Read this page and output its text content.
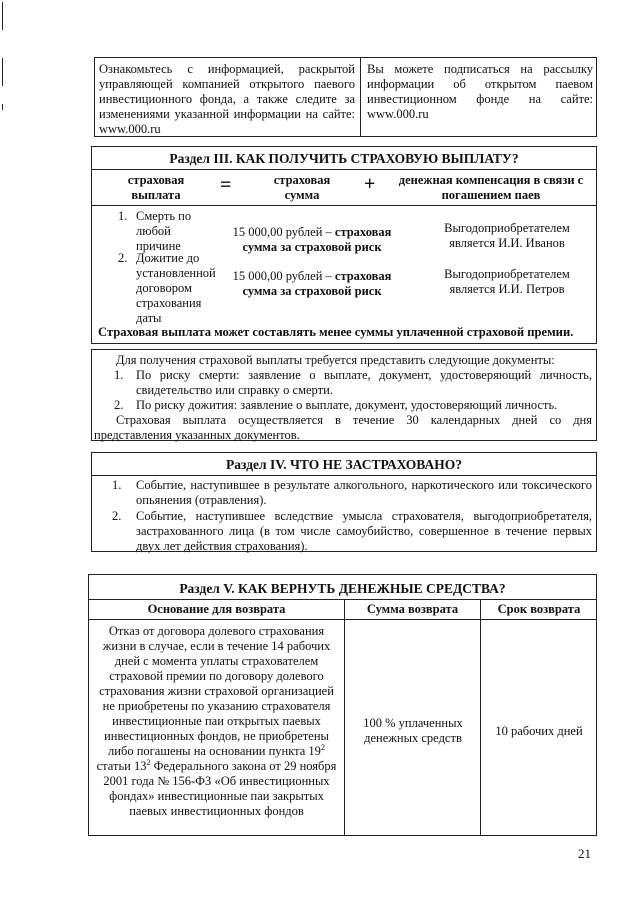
Ознакомьтесь с информацией, раскрытой управляющей компанией открытого паевого инвестиционного фонда, а также следите за изменениями указанной информации на сайте: www.000.ru
Вы можете подписаться на рассылку информации об открытом паевом инвестиционном фонде на сайте: www.000.ru
Раздел III. КАК ПОЛУЧИТЬ СТРАХОВУЮ ВЫПЛАТУ?
страховая выплата	=	страховая сумма	+	денежная компенсация в связи с погашением паев
1. Смерть по любой причине
15 000,00 рублей – страховая сумма за страховой риск
Выгодоприобретателем является И.И. Иванов
2. Дожитие до установленной договором страхования даты
15 000,00 рублей – страховая сумма за страховой риск
Выгодоприобретателем является И.И. Петров
Страховая выплата может составлять менее суммы уплаченной страховой премии.
Для получения страховой выплаты требуется представить следующие документы:
1. По риску смерти: заявление о выплате, документ, удостоверяющий личность, свидетельство или справку о смерти.
2. По риску дожития: заявление о выплате, документ, удостоверяющий личность.
Страховая выплата осуществляется в течение 30 календарных дней со дня представления указанных документов.
Раздел IV. ЧТО НЕ ЗАСТРАХОВАНО?
1. Событие, наступившее в результате алкогольного, наркотического или токсического опьянения (отравления).
2. Событие, наступившее вследствие умысла страхователя, выгодоприобретателя, застрахованного лица (в том числе самоубийство, совершенное в течение первых двух лет действия страхования).
Раздел V. КАК ВЕРНУТЬ ДЕНЕЖНЫЕ СРЕДСТВА?
Основание для возврата	Сумма возврата	Срок возврата
Отказ от договора долевого страхования жизни в случае, если в течение 14 рабочих дней с момента уплаты страхователем страховой премии по договору долевого страхования жизни страховой организацией не приобретены по указанию страхователя инвестиционные паи открытых паевых инвестиционных фондов, не приобретены либо погашены на основании пункта $19^2$ статьи $13^2$ Федерального закона от 29 ноября 2001 года № 156-ФЗ «Об инвестиционных фондах» инвестиционные паи закрытых паевых инвестиционных фондов
100 % уплаченных денежных средств	10 рабочих дней
21
